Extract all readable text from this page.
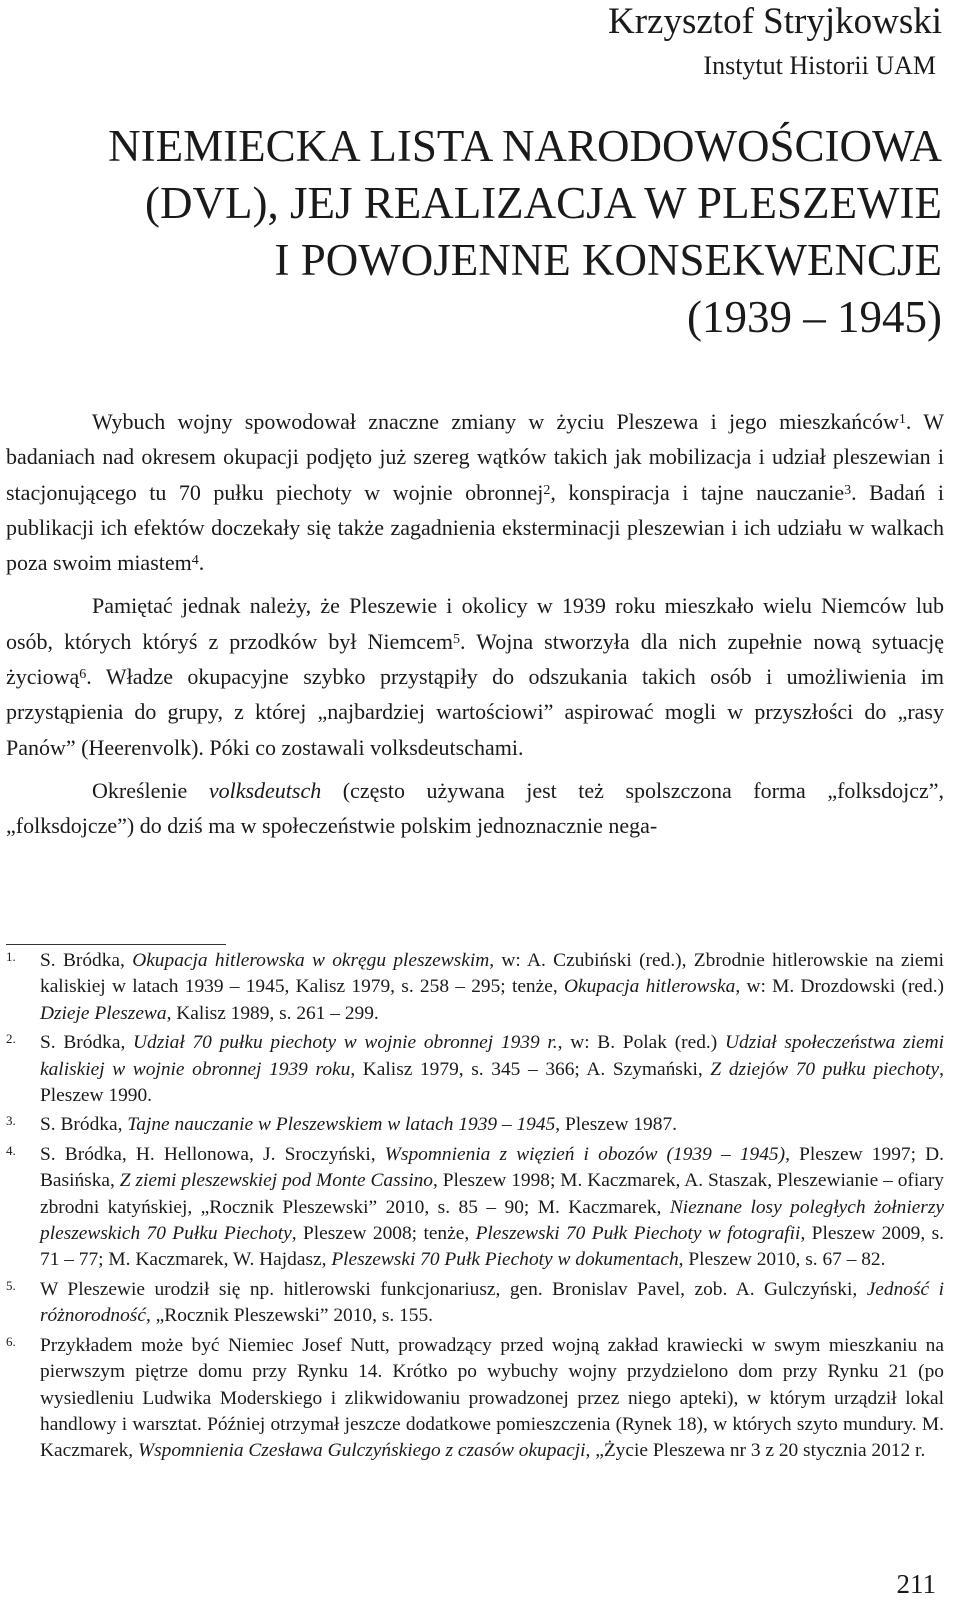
Krzysztof Stryjkowski
Instytut Historii UAM
NIEMIECKA LISTA NARODOWOŚCIOWA
(DVL), JEJ REALIZACJA W PLESZEWIE
I POWOJENNE KONSEKWENCJE
(1939 – 1945)

Wybuch wojny spowodował znaczne zmiany w życiu Pleszewa i jego mieszkańców$^1$. W badaniach nad okresem okupacji podjęto już szereg wątków takich jak mobilizacja i udział pleszewian i stacjonującego tu 70 pułku piechoty w wojnie obronnej$^2$, konspiracja i tajne nauczanie$^3$. Badań i publikacji ich efektów doczekały się także zagadnienia eksterminacji pleszewian i ich udziału w walkach poza swoim miastem$^4$.

Pamiętać jednak należy, że Pleszewie i okolicy w 1939 roku mieszkało wielu Niemców lub osób, których któryś z przodków był Niemcem$^5$. Wojna stworzyła dla nich zupełnie nową sytuację życiową$^6$. Władze okupacyjne szybko przystąpiły do odszukania takich osób i umożliwienia im przystąpienia do grupy, z której „najbardziej wartościowi” aspirować mogli w przyszłości do „rasy Panów” (Heerenvolk). Póki co zostawali volksdeutschami.

Określenie volksdeutsch (często używana jest też spolszczona forma „folksdojcz”, „folksdojcze”) do dziś ma w społeczeństwie polskim jednoznacznie nega-

1. S. Bródka, Okupacja hitlerowska w okręgu pleszewskim, w: A. Czubiński (red.), Zbrodnie hitlerowskie na ziemi kaliskiej w latach 1939 – 1945, Kalisz 1979, s. 258 – 295; tenże, Okupacja hitlerowska, w: M. Drozdowski (red.) Dzieje Pleszewa, Kalisz 1989, s. 261 – 299.
2. S. Bródka, Udział 70 pułku piechoty w wojnie obronnej 1939 r., w: B. Polak (red.) Udział społeczeństwa ziemi kaliskiej w wojnie obronnej 1939 roku, Kalisz 1979, s. 345 – 366; A. Szymański, Z dziejów 70 pułku piechoty, Pleszew 1990.
3. S. Bródka, Tajne nauczanie w Pleszewskiem w latach 1939 – 1945, Pleszew 1987.
4. S. Bródka, H. Hellonowa, J. Sroczyński, Wspomnienia z więzień i obozów (1939 – 1945), Pleszew 1997; D. Basińska, Z ziemi pleszewskiej pod Monte Cassino, Pleszew 1998; M. Kaczmarek, A. Staszak, Pleszewianie – ofiary zbrodni katyńskiej, „Rocznik Pleszewski” 2010, s. 85 – 90; M. Kaczmarek, Nieznane losy poległych żołnierzy pleszewskich 70 Pułku Piechoty, Pleszew 2008; tenże, Pleszewski 70 Pułk Piechoty w fotografii, Pleszew 2009, s. 71 – 77; M. Kaczmarek, W. Hajdasz, Pleszewski 70 Pułk Piechoty w dokumentach, Pleszew 2010, s. 67 – 82.
5. W Pleszewie urodził się np. hitlerowski funkcjonariusz, gen. Bronislav Pavel, zob. A. Gulczyński, Jedność i różnorodność, „Rocznik Pleszewski” 2010, s. 155.
6. Przykładem może być Niemiec Josef Nutt, prowadzący przed wojną zakład krawiecki w swym mieszkaniu na pierwszym piętrze domu przy Rynku 14. Krótko po wybuchy wojny przydzielono dom przy Rynku 21 (po wysiedleniu Ludwika Moderskiego i zlikwidowaniu prowadzonej przez niego apteki), w którym urządził lokal handlowy i warsztat. Później otrzymał jeszcze dodatkowe pomieszczenia (Rynek 18), w których szyto mundury. M. Kaczmarek, Wspomnienia Czesława Gulczyńskiego z czasów okupacji, „Życie Pleszewa nr 3 z 20 stycznia 2012 r.
211
